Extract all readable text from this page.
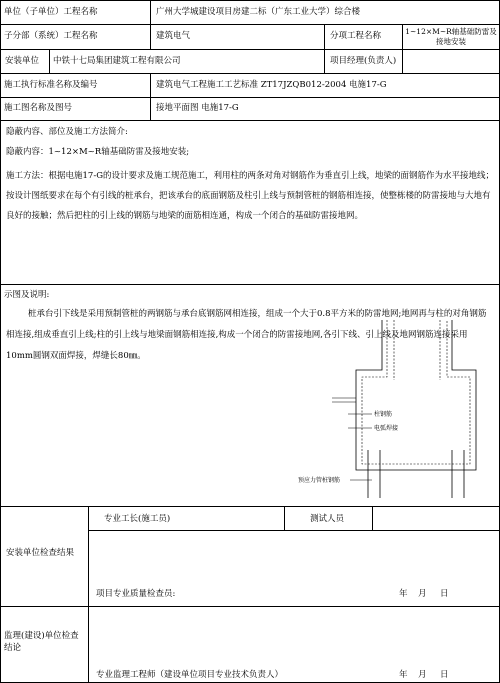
单位（子单位）工程名称	广州大学城建设项目房建二标（广东工业大学）综合楼
子分部（系统）工程名称	建筑电气	分项工程名称	1~12×M~R轴基础防雷及接地安装
安装单位 中铁十七局集团建筑工程有限公司	项目经理(负责人)
施工执行标准名称及编号	建筑电气工程施工工艺标准 ZT17JZQB012-2004 电施17-G
施工图名称及图号	接地平面图 电施17-G
隐蔽内容、部位及施工方法简介:
隐蔽内容：1~12×M~R轴基础防雷及接地安装;
施工方法：根据电施17-G的设计要求及施工规范施工，利用柱的两条对角对钢筋作为垂直引上线，地梁的面钢筋作为水平接地线；按设计图纸要求在每个有引线的桩承台，把该承台的底面钢筋及柱引上线与预制管桩的钢筋相连接，使整栋楼的防雷接地与大地有良好的接触；然后把柱的引上线的钢筋与地梁的面筋相连通，构成一个闭合的基础防雷接地网。
示图及说明:
桩承台引下线是采用预制管桩的两钢筋与承台底钢筋网相连接，组成一个大于0.8平方米的防雷地网;地网再与柱的对角钢筋相连接,组成垂直引上线;柱的引上线与地梁面钢筋相连接,构成一个闭合的防雷接地网,各引下线、引上线及地网钢筋连接采用10mm圆钢双面焊接，焊缝长80㎜。
柱钢筋
电弧焊接
预应力管桩钢筋
安装单位检查结果
专业工长(施工员)	测试人员
项目专业质量检查员:	年 月 日
监理(建设)单位检查结论
专业监理工程师（建设单位项目专业技术负责人）	年 月 日
